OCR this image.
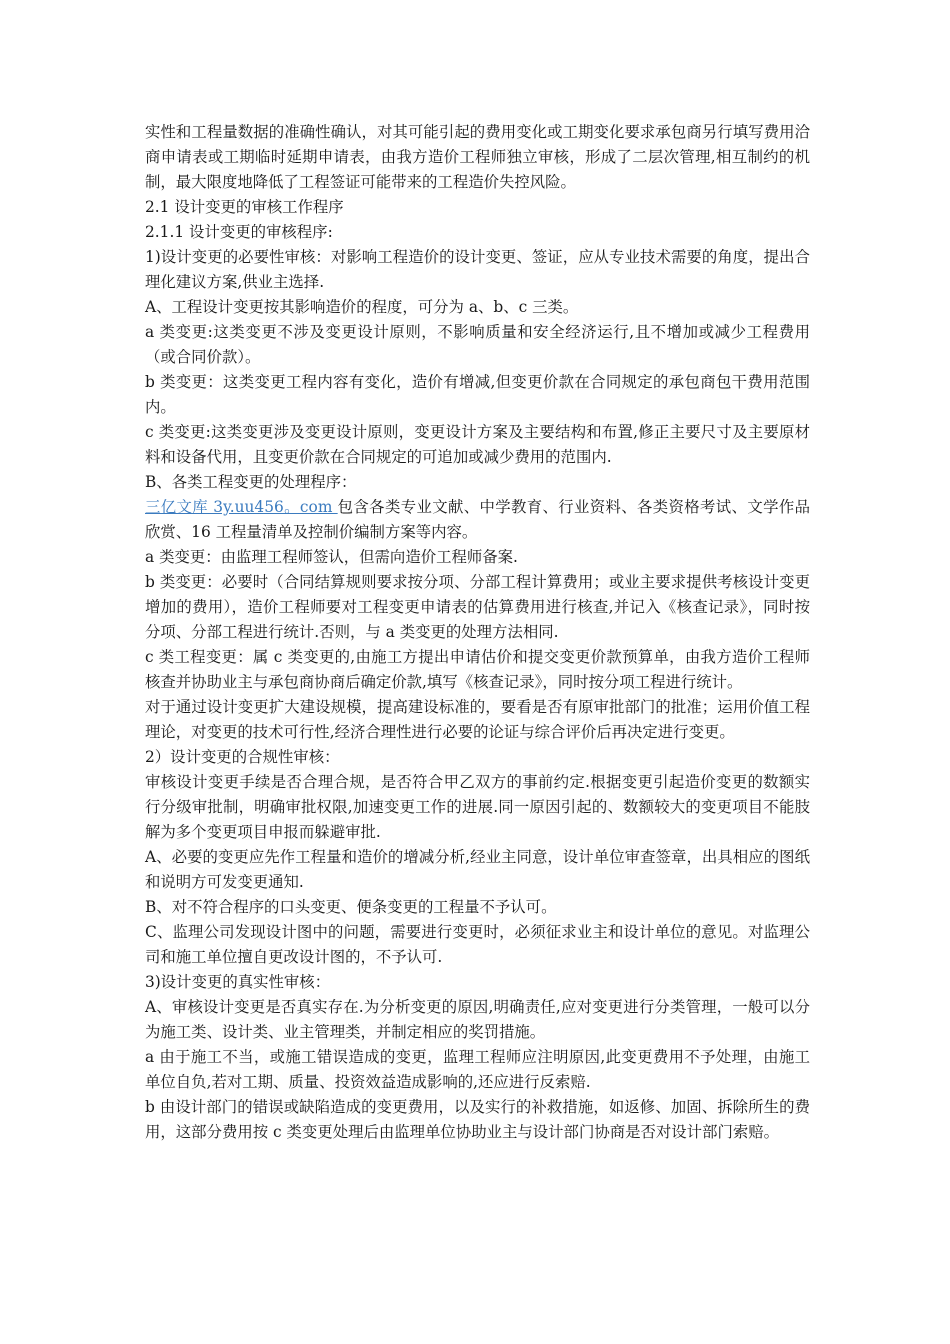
实性和工程量数据的准确性确认，对其可能引起的费用变化或工期变化要求承包商另行填写费用洽商申请表或工期临时延期申请表，由我方造价工程师独立审核，形成了二层次管理,相互制约的机制，最大限度地降低了工程签证可能带来的工程造价失控风险。

2.1 设计变更的审核工作程序

2.1.1 设计变更的审核程序:

1)设计变更的必要性审核：对影响工程造价的设计变更、签证，应从专业技术需要的角度，提出合理化建议方案,供业主选择.

A、工程设计变更按其影响造价的程度，可分为 a、b、c 三类。

a 类变更:这类变更不涉及变更设计原则，不影响质量和安全经济运行,且不增加或减少工程费用（或合同价款）。

b 类变更：这类变更工程内容有变化，造价有增减,但变更价款在合同规定的承包商包干费用范围内。

c 类变更:这类变更涉及变更设计原则，变更设计方案及主要结构和布置,修正主要尺寸及主要原材料和设备代用，且变更价款在合同规定的可追加或减少费用的范围内.

B、各类工程变更的处理程序：

三亿文库 3y.uu456。com 包含各类专业文献、中学教育、行业资料、各类资格考试、文学作品欣赏、16 工程量清单及控制价编制方案等内容。

a 类变更：由监理工程师签认，但需向造价工程师备案.

b 类变更：必要时（合同结算规则要求按分项、分部工程计算费用；或业主要求提供考核设计变更增加的费用），造价工程师要对工程变更申请表的估算费用进行核查,并记入《核查记录》，同时按分项、分部工程进行统计.否则，与 a 类变更的处理方法相同.

c 类工程变更：属 c 类变更的,由施工方提出申请估价和提交变更价款预算单，由我方造价工程师核查并协助业主与承包商协商后确定价款,填写《核查记录》，同时按分项工程进行统计。

对于通过设计变更扩大建设规模，提高建设标准的，要看是否有原审批部门的批准；运用价值工程理论，对变更的技术可行性,经济合理性进行必要的论证与综合评价后再决定进行变更。

2）设计变更的合规性审核：

审核设计变更手续是否合理合规，是否符合甲乙双方的事前约定.根据变更引起造价变更的数额实行分级审批制，明确审批权限,加速变更工作的进展.同一原因引起的、数额较大的变更项目不能肢解为多个变更项目申报而躲避审批.

A、必要的变更应先作工程量和造价的增减分析,经业主同意，设计单位审查签章，出具相应的图纸和说明方可发变更通知.

B、对不符合程序的口头变更、便条变更的工程量不予认可。

C、监理公司发现设计图中的问题，需要进行变更时，必须征求业主和设计单位的意见。对监理公司和施工单位擅自更改设计图的，不予认可.

3)设计变更的真实性审核：

A、审核设计变更是否真实存在.为分析变更的原因,明确责任,应对变更进行分类管理，一般可以分为施工类、设计类、业主管理类，并制定相应的奖罚措施。

a 由于施工不当，或施工错误造成的变更，监理工程师应注明原因,此变更费用不予处理，由施工单位自负,若对工期、质量、投资效益造成影响的,还应进行反索赔.

b 由设计部门的错误或缺陷造成的变更费用，以及实行的补救措施，如返修、加固、拆除所生的费用，这部分费用按 c 类变更处理后由监理单位协助业主与设计部门协商是否对设计部门索赔。
